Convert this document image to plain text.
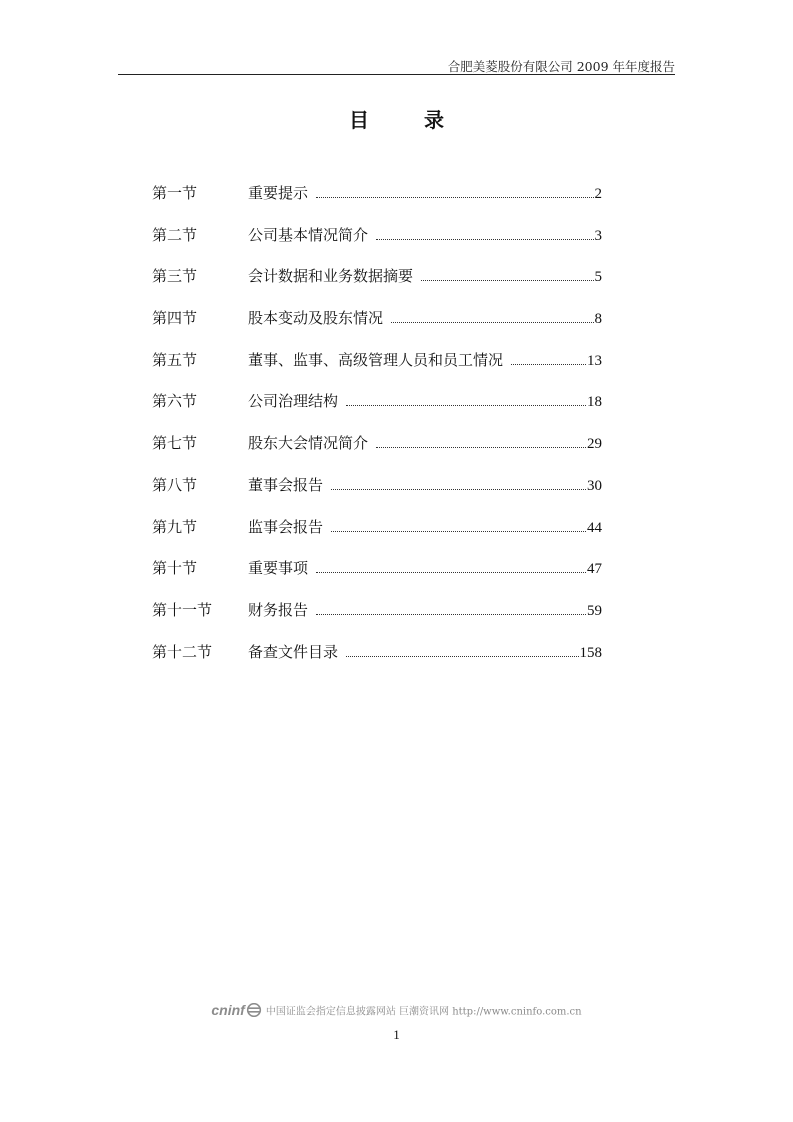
合肥美菱股份有限公司 2009 年年度报告
目 录
第一节	重要提示	2
第二节	公司基本情况简介	3
第三节	会计数据和业务数据摘要	5
第四节	股本变动及股东情况	8
第五节	董事、监事、高级管理人员和员工情况	13
第六节	公司治理结构	18
第七节	股东大会情况简介	29
第八节	董事会报告	30
第九节	监事会报告	44
第十节	重要事项	47
第十一节	财务报告	59
第十二节	备查文件目录	158
cninf 中国证监会指定信息披露网站 巨潮资讯网 http://www.cninfo.com.cn
1
